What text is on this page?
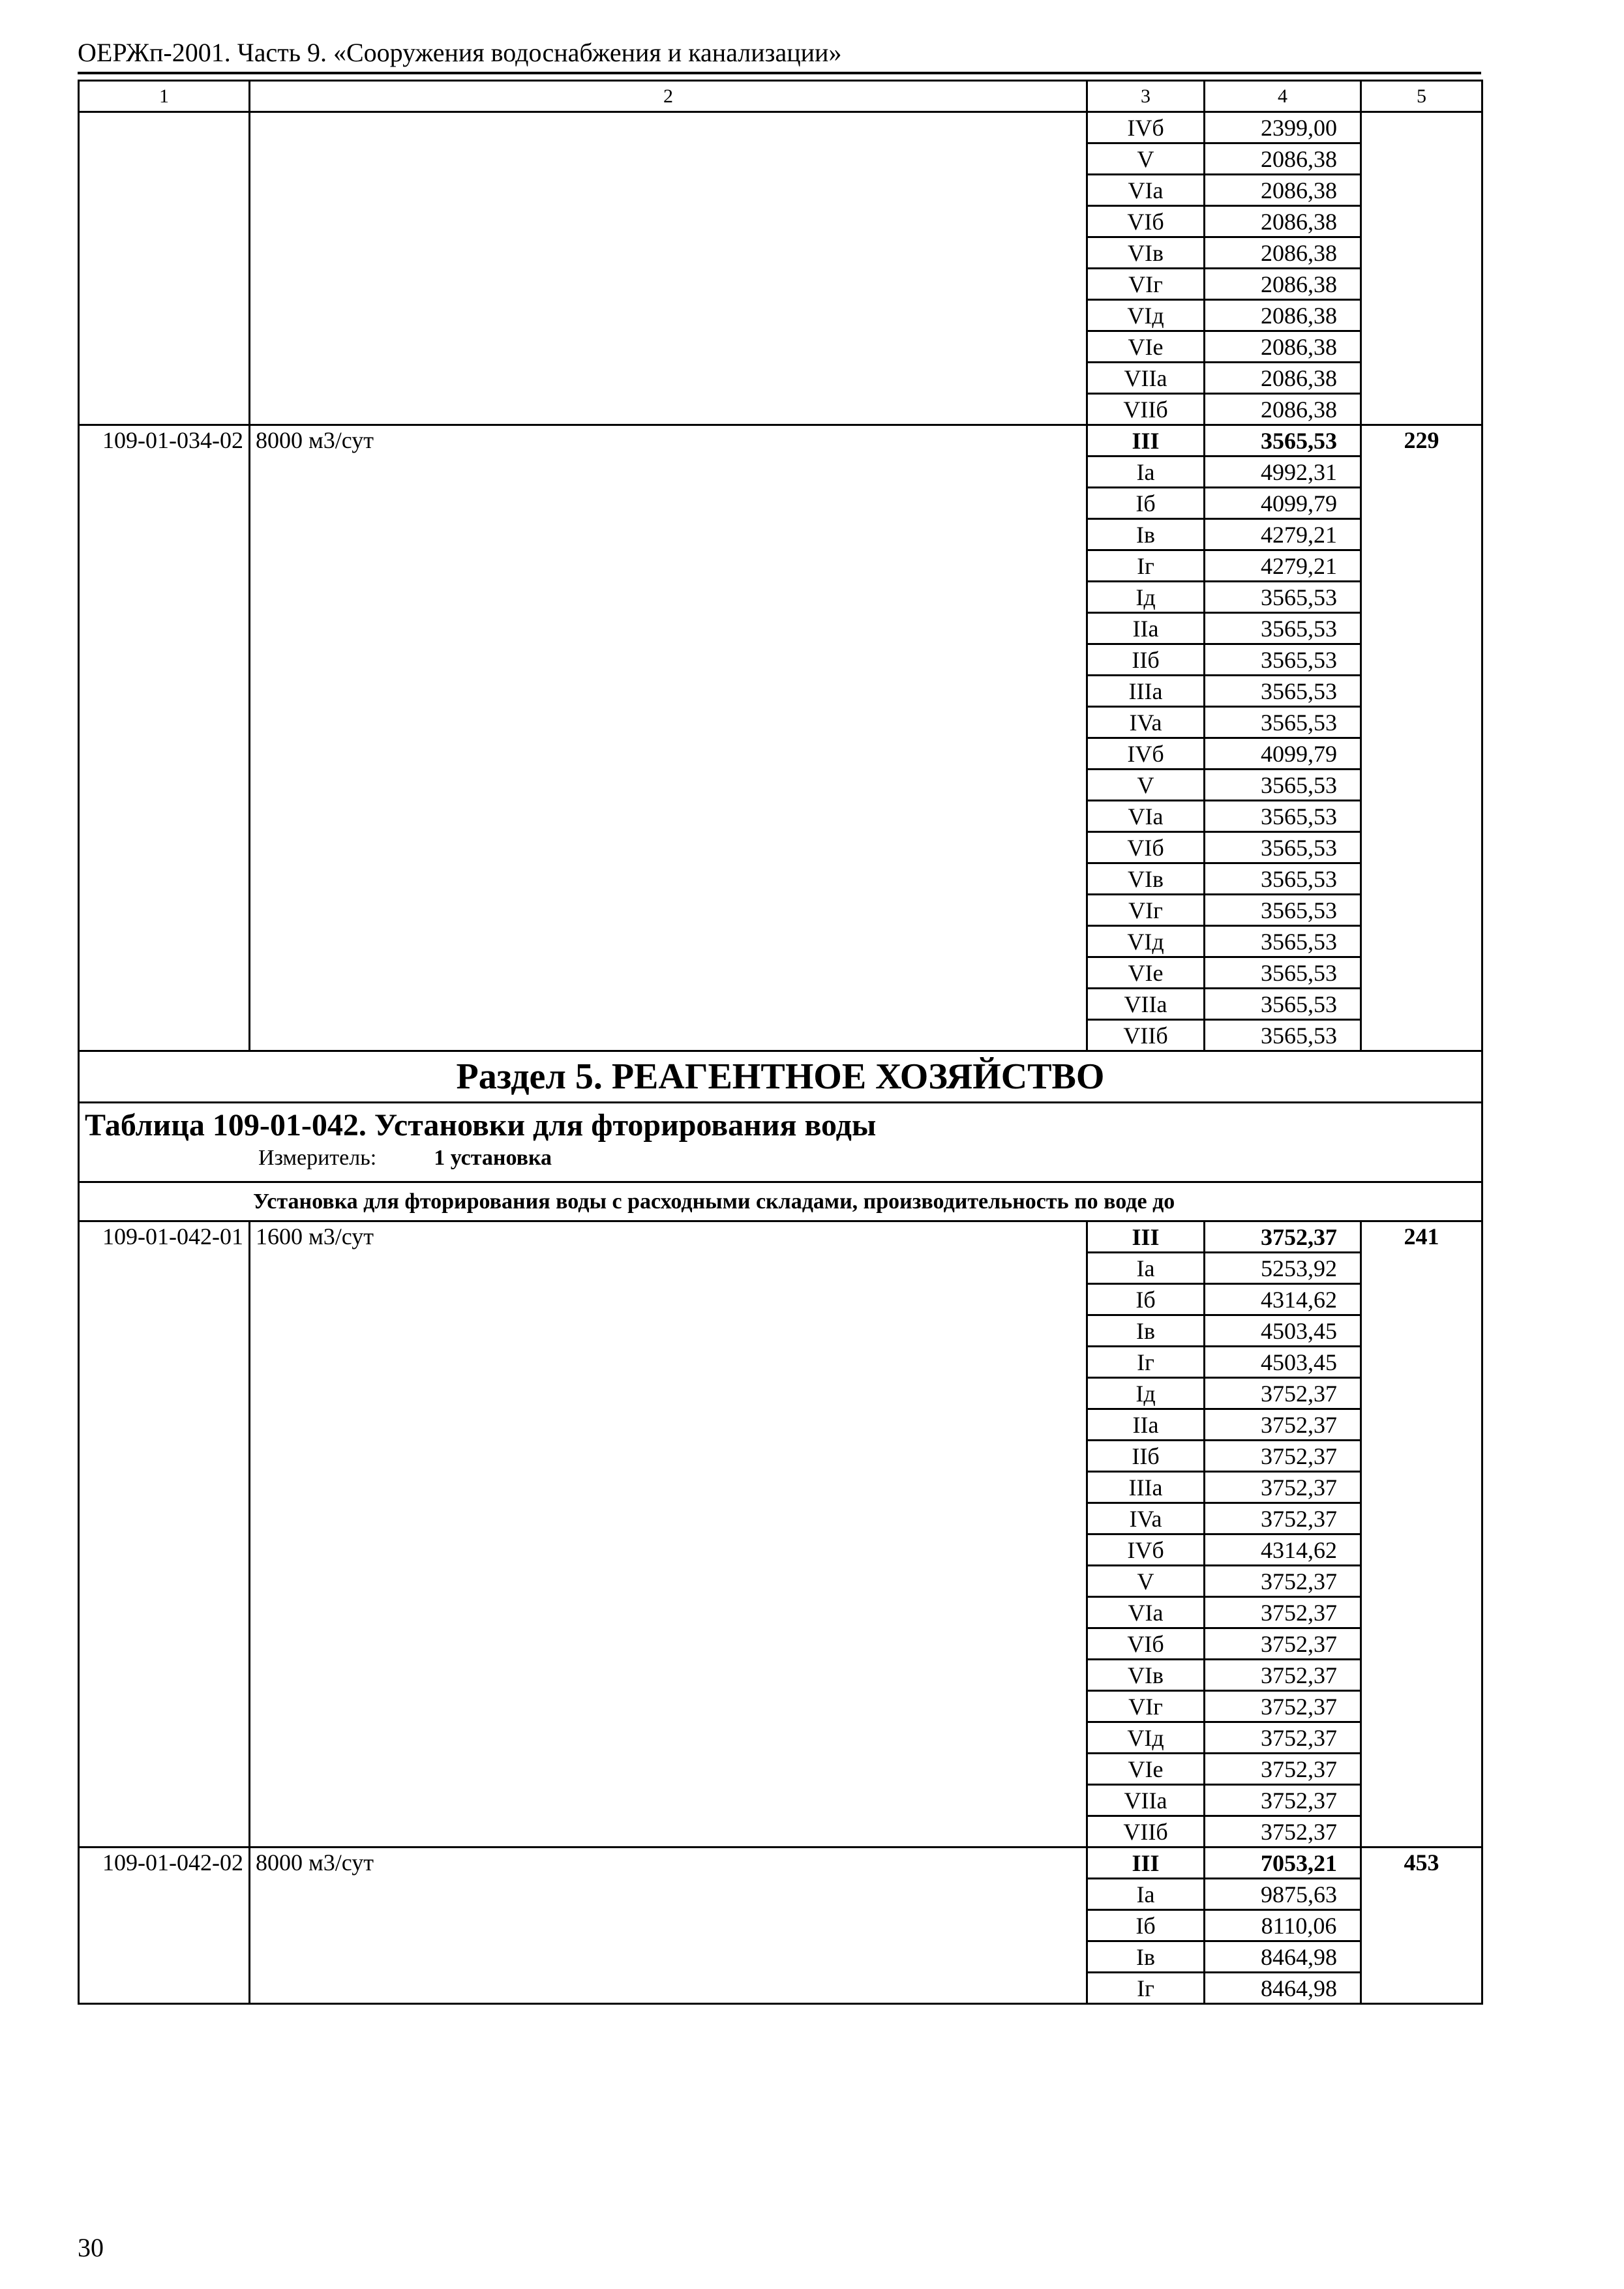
ОЕРЖп-2001. Часть 9. «Сооружения водоснабжения и канализации»
1	2	3	4	5
		IVб	2399,00	
		V	2086,38	
		VIa	2086,38	
		VIб	2086,38	
		VIв	2086,38	
		VIг	2086,38	
		VIд	2086,38	
		VIe	2086,38	
		VIIa	2086,38	
		VIIб	2086,38	
109-01-034-02	8000 м3/сут	III	3565,53	229
		Ia	4992,31	
		Iб	4099,79	
		Iв	4279,21	
		Iг	4279,21	
		Iд	3565,53	
		IIa	3565,53	
		IIб	3565,53	
		IIIa	3565,53	
		IVa	3565,53	
		IVб	4099,79	
		V	3565,53	
		VIa	3565,53	
		VIб	3565,53	
		VIв	3565,53	
		VIг	3565,53	
		VIд	3565,53	
		VIe	3565,53	
		VIIa	3565,53	
		VIIб	3565,53	
Раздел 5. РЕАГЕНТНОЕ ХОЗЯЙСТВО				

Таблица 109-01-042. Установки для фторирования воды
Измеритель: 1 установка				

Установка для фторирования воды с расходными складами, производительность по воде до				
109-01-042-01	1600 м3/сут	III	3752,37	241
		Ia	5253,92	
		Iб	4314,62	
		Iв	4503,45	
		Iг	4503,45	
		Iд	3752,37	
		IIa	3752,37	
		IIб	3752,37	
		IIIa	3752,37	
		IVa	3752,37	
		IVб	4314,62	
		V	3752,37	
		VIa	3752,37	
		VIб	3752,37	
		VIв	3752,37	
		VIг	3752,37	
		VIд	3752,37	
		VIe	3752,37	
		VIIa	3752,37	
		VIIб	3752,37	
109-01-042-02	8000 м3/сут	III	7053,21	453
		Ia	9875,63	
		Iб	8110,06	
		Iв	8464,98	
		Iг	8464,98	
30
